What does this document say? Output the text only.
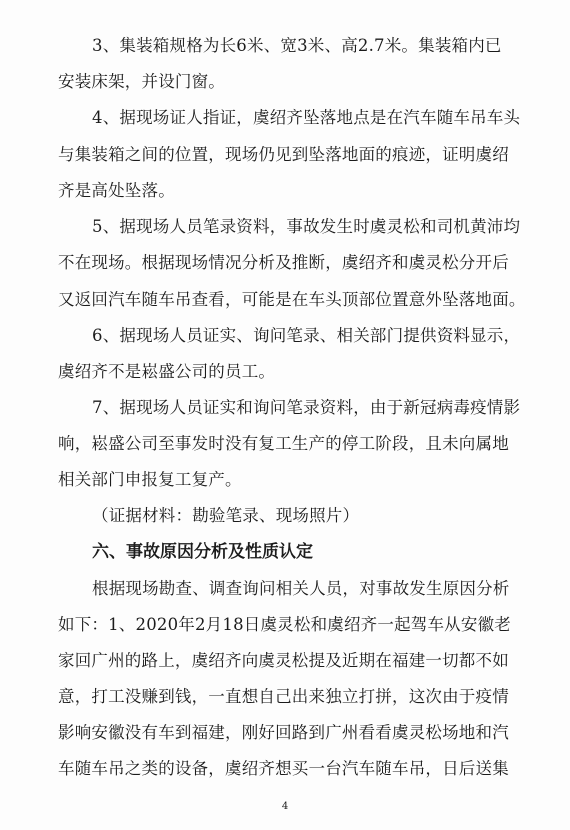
3、集装箱规格为长6米、宽3米、高2.7米。集装箱内已
安装床架，并设门窗。
4、据现场证人指证，虞绍齐坠落地点是在汽车随车吊车头
与集装箱之间的位置，现场仍见到坠落地面的痕迹，证明虞绍
齐是高处坠落。
5、据现场人员笔录资料，事故发生时虞灵松和司机黄沛均
不在现场。根据现场情况分析及推断，虞绍齐和虞灵松分开后
又返回汽车随车吊查看，可能是在车头顶部位置意外坠落地面。
6、据现场人员证实、询问笔录、相关部门提供资料显示，
虞绍齐不是崧盛公司的员工。
7、据现场人员证实和询问笔录资料，由于新冠病毒疫情影
响，崧盛公司至事发时没有复工生产的停工阶段，且未向属地
相关部门申报复工复产。
（证据材料：勘验笔录、现场照片）
六、事故原因分析及性质认定
根据现场勘查、调查询问相关人员，对事故发生原因分析
如下：1、2020年2月18日虞灵松和虞绍齐一起驾车从安徽老
家回广州的路上，虞绍齐向虞灵松提及近期在福建一切都不如
意，打工没赚到钱，一直想自己出来独立打拼，这次由于疫情
影响安徽没有车到福建，刚好回路到广州看看虞灵松场地和汽
车随车吊之类的设备，虞绍齐想买一台汽车随车吊，日后送集
4
